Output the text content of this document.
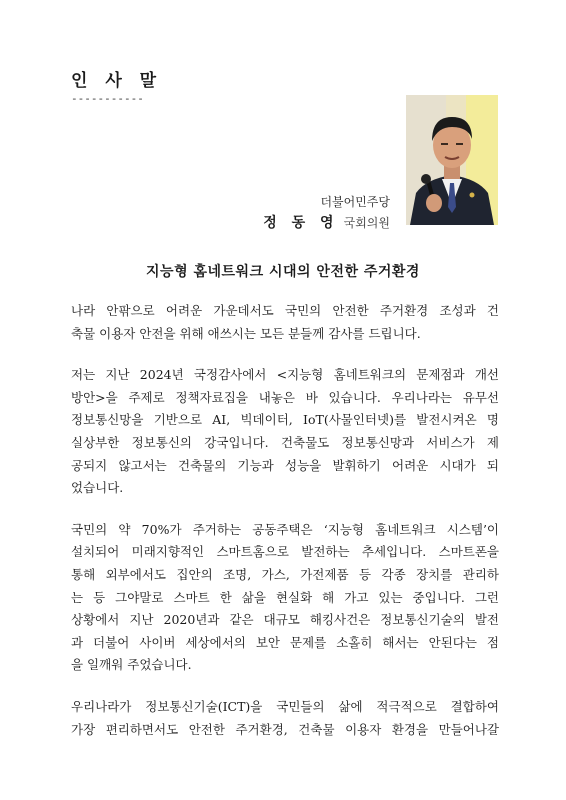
인 사 말

-----------

더불어민주당

정 동 영 국회의원

지능형 홈네트워크 시대의 안전한 주거환경

나라 안팎으로 어려운 가운데서도 국민의 안전한 주거환경 조성과 건
축물 이용자 안전을 위해 애쓰시는 모든 분들께 감사를 드립니다.

저는 지난 2024년 국정감사에서 <지능형 홈네트워크의 문제점과 개선
방안>을 주제로 정책자료집을 내놓은 바 있습니다. 우리나라는 유무선
정보통신망을 기반으로 AI, 빅데이터, IoT(사물인터넷)를 발전시켜온 명
실상부한 정보통신의 강국입니다. 건축물도 정보통신망과 서비스가 제
공되지 않고서는 건축물의 기능과 성능을 발휘하기 어려운 시대가 되
었습니다.

국민의 약 70%가 주거하는 공동주택은 ‘지능형 홈네트워크 시스템’이
설치되어 미래지향적인 스마트홈으로 발전하는 추세입니다. 스마트폰을
통해 외부에서도 집안의 조명, 가스, 가전제품 등 각종 장치를 관리하
는 등 그야말로 스마트 한 삶을 현실화 해 가고 있는 중입니다. 그런
상황에서 지난 2020년과 같은 대규모 해킹사건은 정보통신기술의 발전
과 더불어 사이버 세상에서의 보안 문제를 소홀히 해서는 안된다는 점
을 일깨워 주었습니다.

우리나라가 정보통신기술(ICT)을 국민들의 삶에 적극적으로 결합하여
가장 편리하면서도 안전한 주거환경, 건축물 이용자 환경을 만들어나갈
